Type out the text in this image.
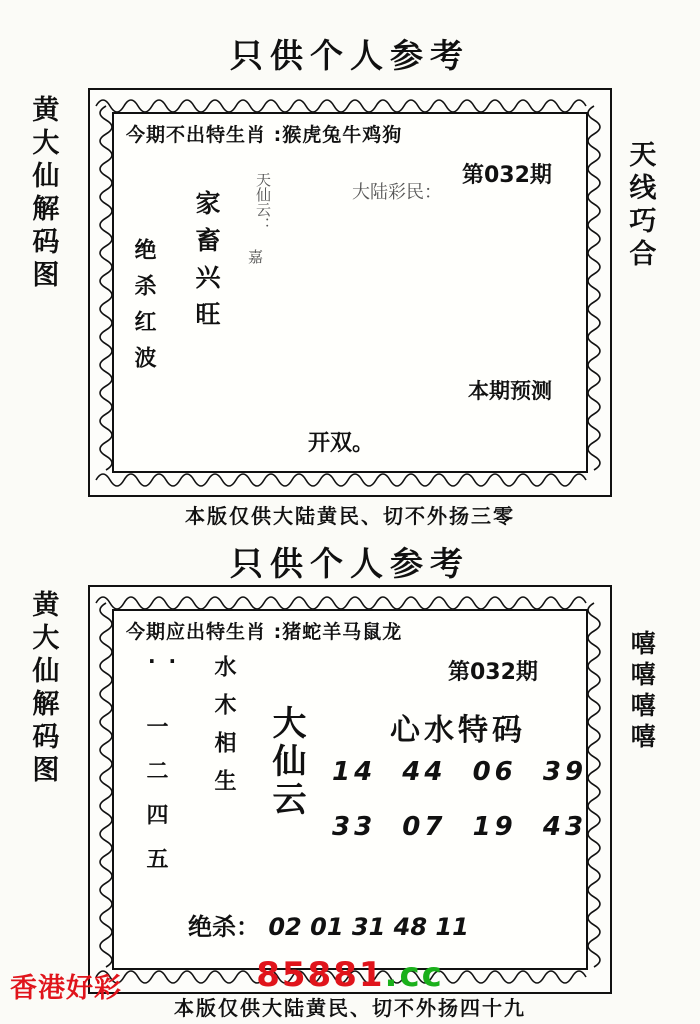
只供个人参考
黄大仙解码图	天线巧合
今期不出特生肖 :猴虎兔牛鸡狗
第032期
天仙云：
嘉
家畜兴旺
绝杀红波
大陆彩民：
本期预测
开双。
本版仅供大陆黄民、切不外扬三零
只供个人参考
黄大仙解码图	嘻嘻嘻嘻
今期应出特生肖 :猪蛇羊马鼠龙
第032期
· · 水木相生
一二四五	大仙云	心水特码
14 44 06 39
33 07 19 43
绝杀： 02 01 31 48 11
本版仅供大陆黄民、切不外扬四十九
香港好彩	85881.cc
